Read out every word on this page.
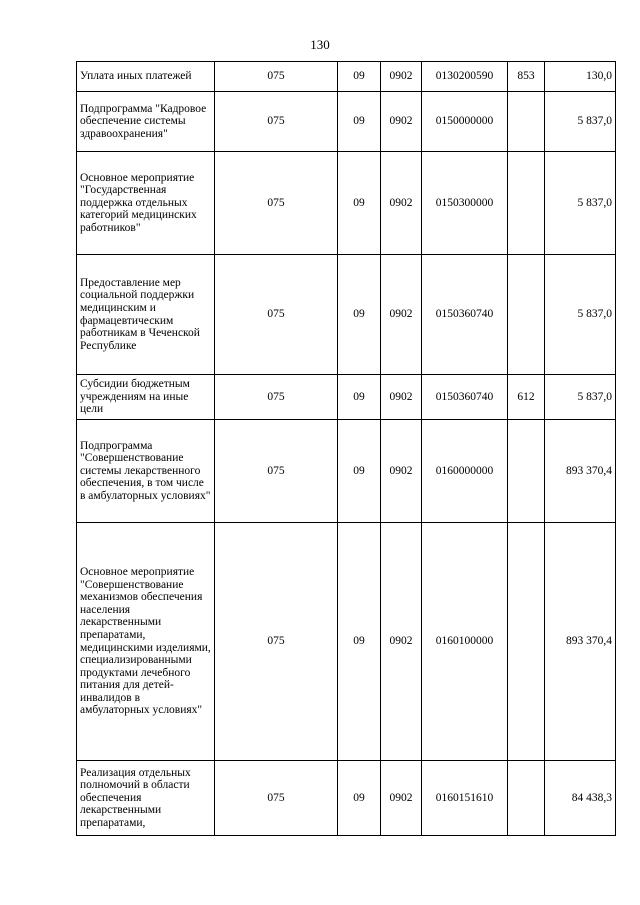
130
Уплата иных платежей	075	09	0902	0130200590	853	130,0
Подпрограмма "Кадровое обеспечение системы здравоохранения"	075	09	0902	0150000000		5 837,0
Основное мероприятие "Государственная поддержка отдельных категорий медицинских работников"	075	09	0902	0150300000		5 837,0
Предоставление мер социальной поддержки медицинским и фармацевтическим работникам в Чеченской Республике	075	09	0902	0150360740		5 837,0
Субсидии бюджетным учреждениям на иные цели	075	09	0902	0150360740	612	5 837,0
Подпрограмма "Совершенствование системы лекарственного обеспечения, в том числе в амбулаторных условиях"	075	09	0902	0160000000		893 370,4
Основное мероприятие "Совершенствование механизмов обеспечения населения лекарственными препаратами, медицинскими изделиями, специализированными продуктами лечебного питания для детей-инвалидов в амбулаторных условиях"	075	09	0902	0160100000		893 370,4
Реализация отдельных полномочий в области обеспечения лекарственными препаратами,	075	09	0902	0160151610		84 438,3
